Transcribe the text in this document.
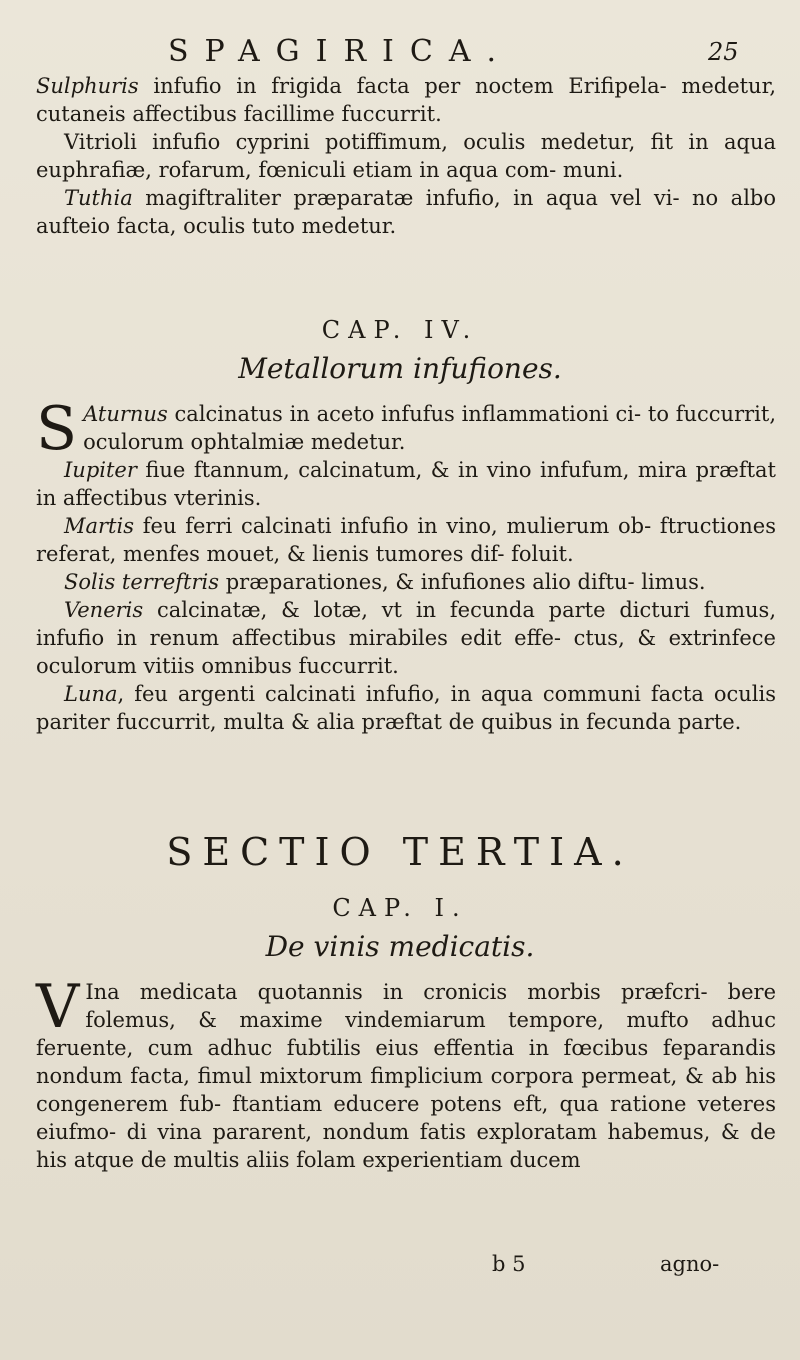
SPAGIRICA.	25

Sulphuris infufio in frigida facta per noctem Erifipela- medetur, cutaneis affectibus facillime fuccurrit.

Vitrioli infufio cyprini potiffimum, oculis medetur, fit in aqua euphrafiæ, rofarum, fœniculi etiam in aqua com- muni.

Tuthia magiftraliter præparatæ infufio, in aqua vel vi- no albo aufteio facta, oculis tuto medetur.

CAP. IV.
Metallorum infufiones.

S Aturnus calcinatus in aceto infufus inflammationi ci- to fuccurrit, oculorum ophtalmiæ medetur.

Iupiter fiue ftannum, calcinatum, & in vino infufum, mira præftat in affectibus vterinis.

Martis feu ferri calcinati infufio in vino, mulierum ob- ftructiones referat, menfes mouet, & lienis tumores dif- foluit.

Solis terreftris præparationes, & infufiones alio diftu- limus.

Veneris calcinatæ, & lotæ, vt in fecunda parte dicturi fumus, infufio in renum affectibus mirabiles edit effe- ctus, & extrinfece oculorum vitiis omnibus fuccurrit.

Luna, feu argenti calcinati infufio, in aqua communi facta oculis pariter fuccurrit, multa & alia præftat de quibus in fecunda parte.

SECTIO TERTIA.
CAP. I.
De vinis medicatis.

V Ina medicata quotannis in cronicis morbis præfcri- bere folemus, & maxime vindemiarum tempore, mufto adhuc feruente, cum adhuc fubtilis eius effentia in fœcibus feparandis nondum facta, fimul mixtorum fimplicium corpora permeat, & ab his congenerem fub- ftantiam educere potens eft, qua ratione veteres eiufmo- di vina pararent, nondum fatis exploratam habemus, & de his atque de multis aliis folam experientiam ducem

b 5	agno-
